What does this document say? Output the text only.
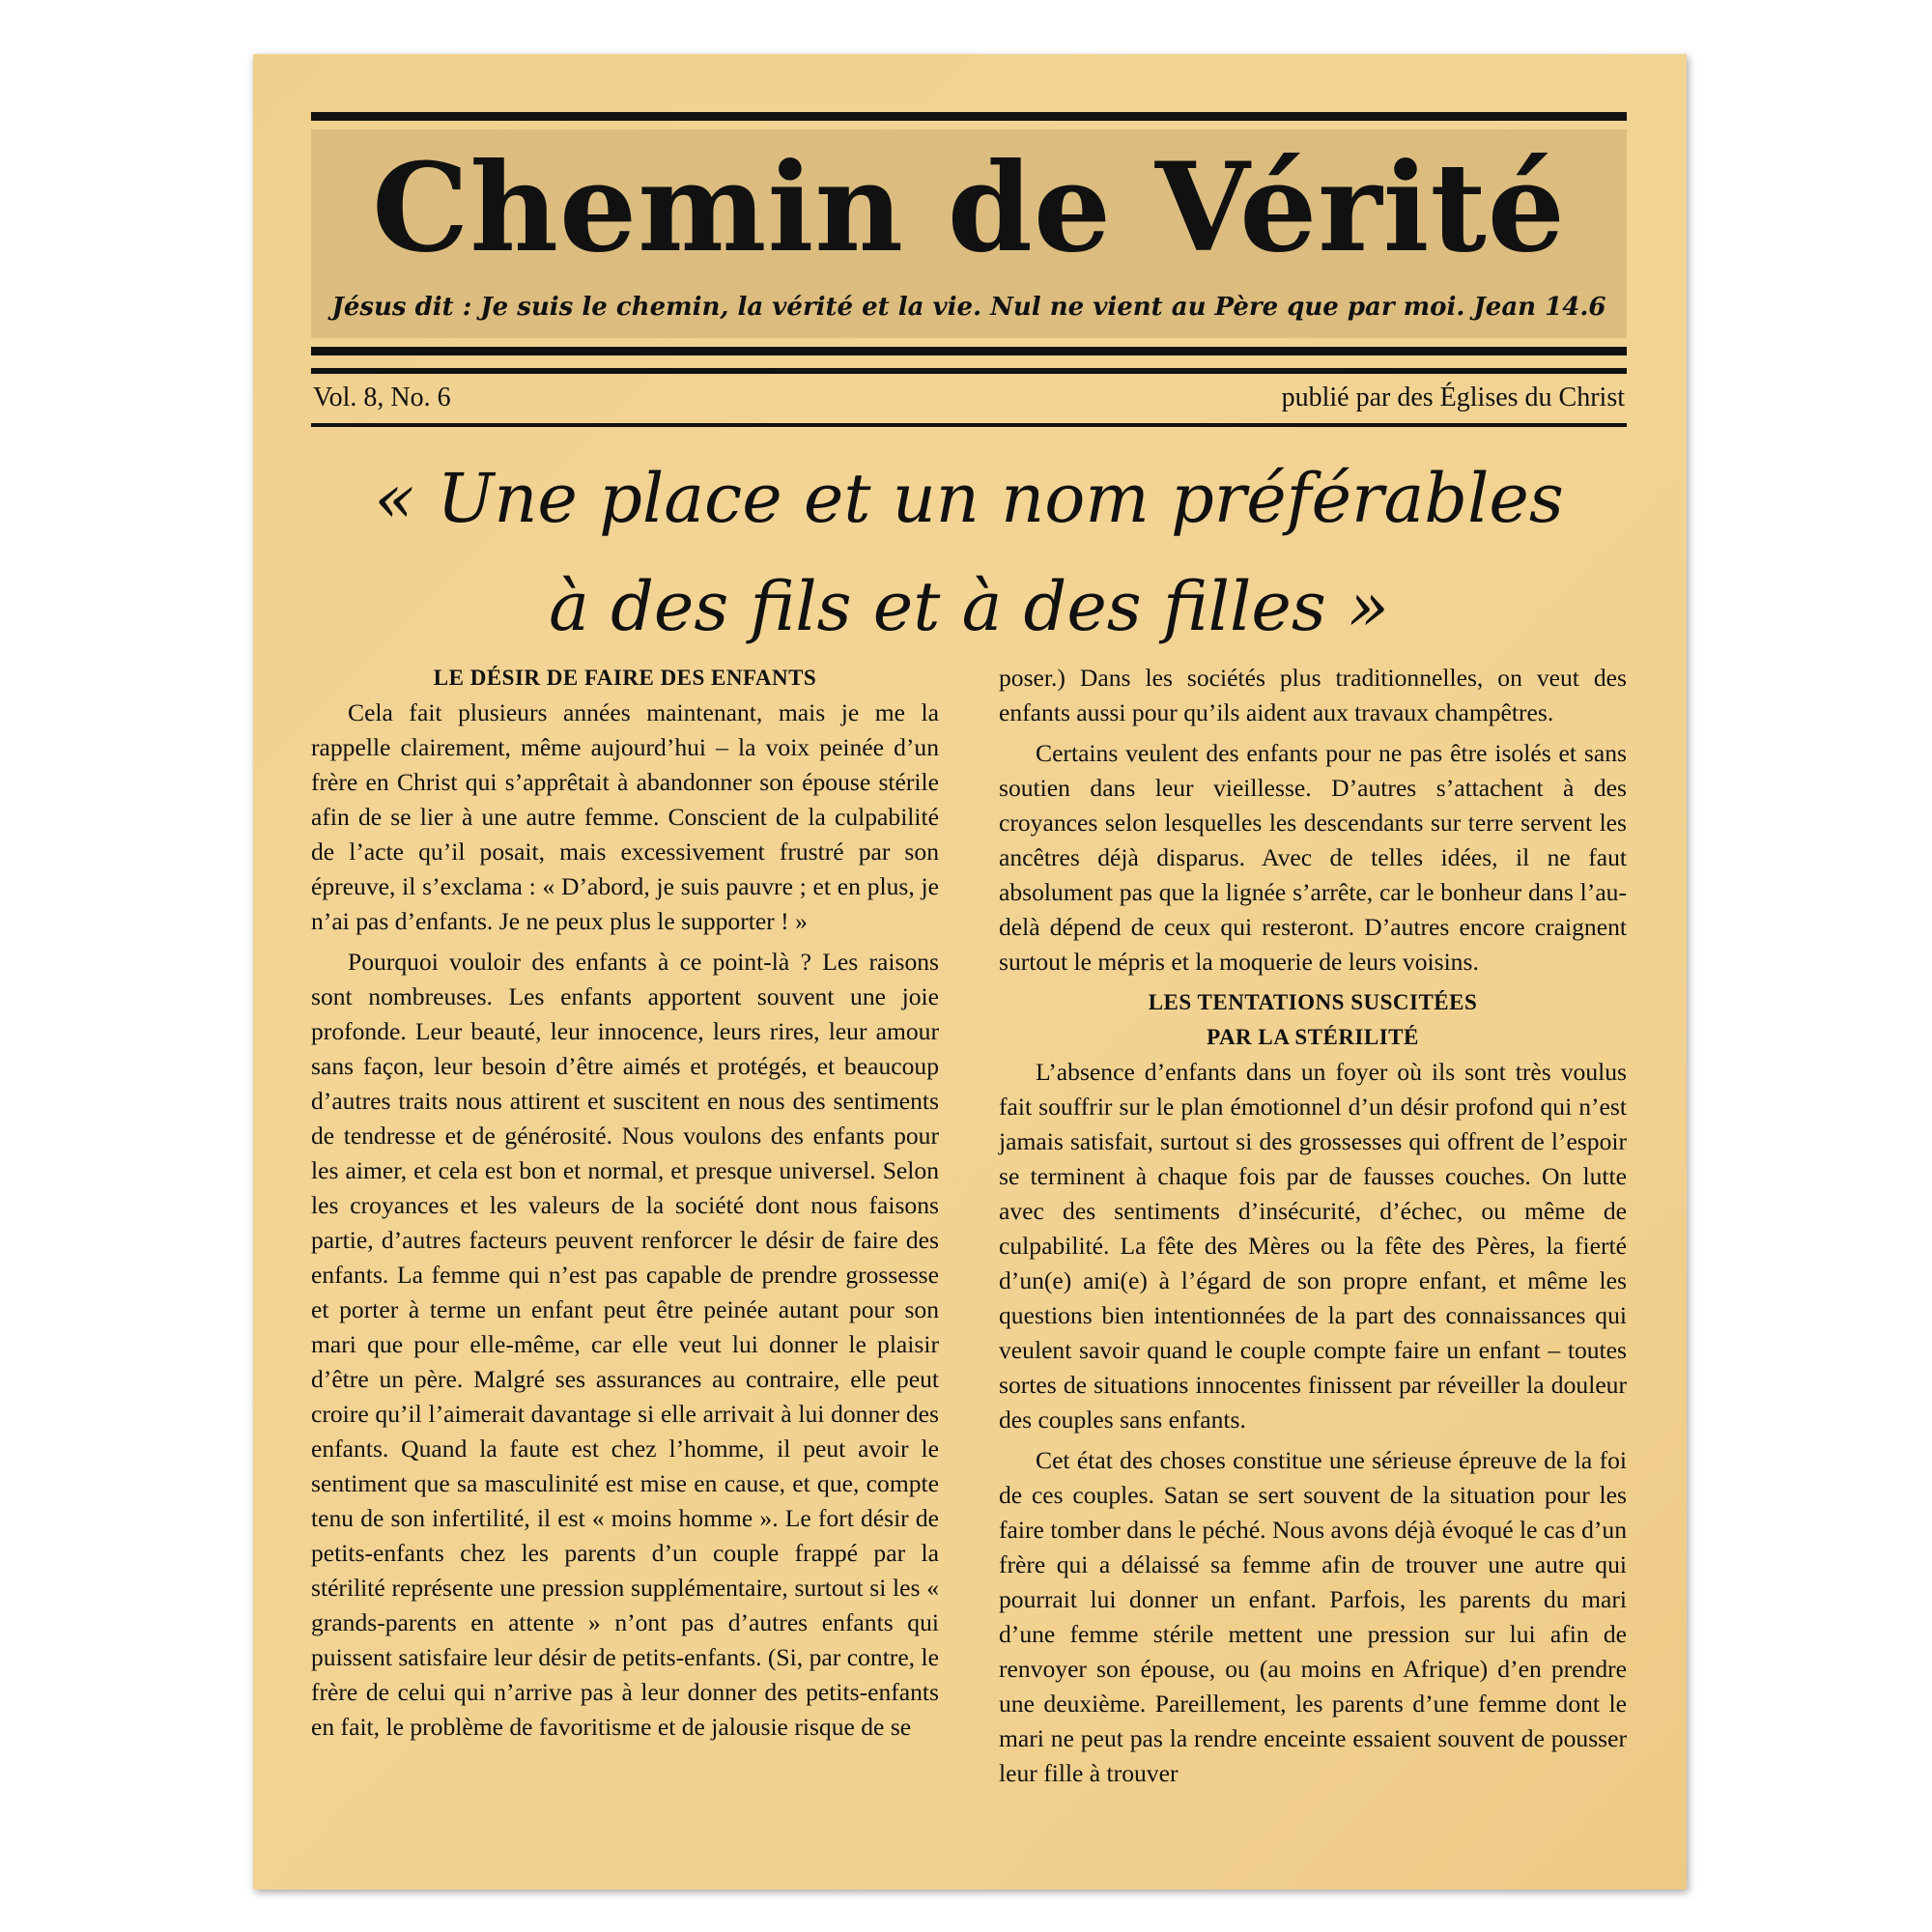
Chemin de Vérité
Jésus dit : Je suis le chemin, la vérité et la vie. Nul ne vient au Père que par moi. Jean 14.6
Vol. 8, No. 6	publié par des Églises du Christ
« Une place et un nom préférables
à des fils et à des filles »
LE DÉSIR DE FAIRE DES ENFANTS

Cela fait plusieurs années maintenant, mais je me la rappelle clairement, même aujourd’hui – la voix peinée d’un frère en Christ qui s’apprêtait à abandonner son épouse stérile afin de se lier à une autre femme. Conscient de la culpabilité de l’acte qu’il posait, mais excessivement frustré par son épreuve, il s’exclama : « D’abord, je suis pauvre ; et en plus, je n’ai pas d’enfants. Je ne peux plus le supporter ! »

Pourquoi vouloir des enfants à ce point-là ? Les raisons sont nombreuses. Les enfants apportent souvent une joie profonde. Leur beauté, leur innocence, leurs rires, leur amour sans façon, leur besoin d’être aimés et protégés, et beaucoup d’autres traits nous attirent et suscitent en nous des sentiments de tendresse et de générosité. Nous voulons des enfants pour les aimer, et cela est bon et normal, et presque universel. Selon les croyances et les valeurs de la société dont nous faisons partie, d’autres facteurs peuvent renforcer le désir de faire des enfants. La femme qui n’est pas capable de prendre grossesse et porter à terme un enfant peut être peinée autant pour son mari que pour elle-même, car elle veut lui donner le plaisir d’être un père. Malgré ses assurances au contraire, elle peut croire qu’il l’aimerait davantage si elle arrivait à lui donner des enfants. Quand la faute est chez l’homme, il peut avoir le sentiment que sa masculinité est mise en cause, et que, compte tenu de son infertilité, il est « moins homme ». Le fort désir de petits-enfants chez les parents d’un couple frappé par la stérilité représente une pression supplémentaire, surtout si les « grands-parents en attente » n’ont pas d’autres enfants qui puissent satisfaire leur désir de petits-enfants. (Si, par contre, le frère de celui qui n’arrive pas à leur donner des petits-enfants en fait, le problème de favoritisme et de jalousie risque de se

poser.) Dans les sociétés plus traditionnelles, on veut des enfants aussi pour qu’ils aident aux travaux champêtres.

Certains veulent des enfants pour ne pas être isolés et sans soutien dans leur vieillesse. D’autres s’attachent à des croyances selon lesquelles les descendants sur terre servent les ancêtres déjà disparus. Avec de telles idées, il ne faut absolument pas que la lignée s’arrête, car le bonheur dans l’au-delà dépend de ceux qui resteront. D’autres encore craignent surtout le mépris et la moquerie de leurs voisins.

LES TENTATIONS SUSCITÉES
PAR LA STÉRILITÉ

L’absence d’enfants dans un foyer où ils sont très voulus fait souffrir sur le plan émotionnel d’un désir profond qui n’est jamais satisfait, surtout si des grossesses qui offrent de l’espoir se terminent à chaque fois par de fausses couches. On lutte avec des sentiments d’insécurité, d’échec, ou même de culpabilité. La fête des Mères ou la fête des Pères, la fierté d’un(e) ami(e) à l’égard de son propre enfant, et même les questions bien intentionnées de la part des connaissances qui veulent savoir quand le couple compte faire un enfant – toutes sortes de situations innocentes finissent par réveiller la douleur des couples sans enfants.

Cet état des choses constitue une sérieuse épreuve de la foi de ces couples. Satan se sert souvent de la situation pour les faire tomber dans le péché. Nous avons déjà évoqué le cas d’un frère qui a délaissé sa femme afin de trouver une autre qui pourrait lui donner un enfant. Parfois, les parents du mari d’une femme stérile mettent une pression sur lui afin de renvoyer son épouse, ou (au moins en Afrique) d’en prendre une deuxième. Pareillement, les parents d’une femme dont le mari ne peut pas la rendre enceinte essaient souvent de pousser leur fille à trouver
